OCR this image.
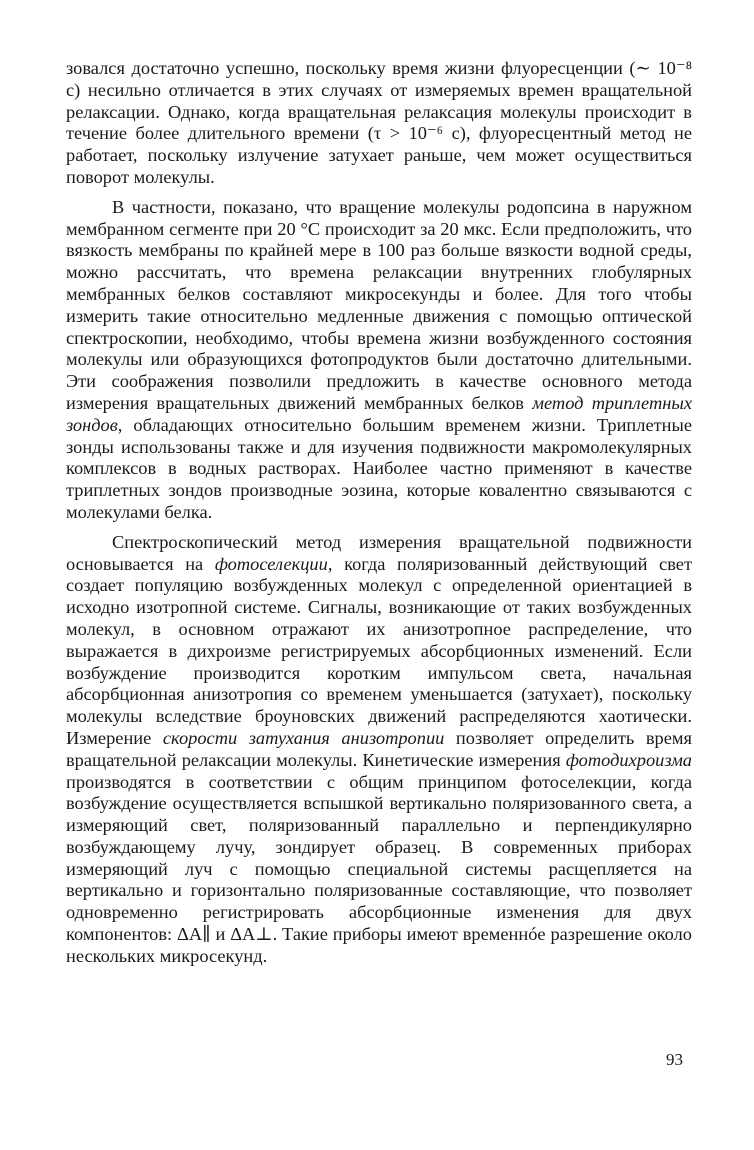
зовался достаточно успешно, поскольку время жизни флуоресценции (∼ 10⁻⁸ с) несильно отличается в этих случаях от измеряемых времен вращательной релаксации. Однако, когда вращательная релаксация молекулы происходит в течение более длительного времени (τ > 10⁻⁶ с), флуоресцентный метод не работает, поскольку излучение затухает раньше, чем может осуществиться поворот молекулы.

В частности, показано, что вращение молекулы родопсина в наружном мембранном сегменте при 20 °С происходит за 20 мкс. Если предположить, что вязкость мембраны по крайней мере в 100 раз больше вязкости водной среды, можно рассчитать, что времена релаксации внутренних глобулярных мембранных белков составляют микросекунды и более. Для того чтобы измерить такие относительно медленные движения с помощью оптической спектроскопии, необходимо, чтобы времена жизни возбужденного состояния молекулы или образующихся фотопродуктов были достаточно длительными. Эти соображения позволили предложить в качестве основного метода измерения вращательных движений мембранных белков метод триплетных зондов, обладающих относительно большим временем жизни. Триплетные зонды использованы также и для изучения подвижности макромолекулярных комплексов в водных растворах. Наиболее частно применяют в качестве триплетных зондов производные эозина, которые ковалентно связываются с молекулами белка.

Спектроскопический метод измерения вращательной подвижности основывается на фотоселекции, когда поляризованный действующий свет создает популяцию возбужденных молекул с определенной ориентацией в исходно изотропной системе. Сигналы, возникающие от таких возбужденных молекул, в основном отражают их анизотропное распределение, что выражается в дихроизме регистрируемых абсорбционных изменений. Если возбуждение производится коротким импульсом света, начальная абсорбционная анизотропия со временем уменьшается (затухает), поскольку молекулы вследствие броуновских движений распределяются хаотически. Измерение скорости затухания анизотропии позволяет определить время вращательной релаксации молекулы. Кинетические измерения фотодихроизма производятся в соответствии с общим принципом фотоселекции, когда возбуждение осуществляется вспышкой вертикально поляризованного света, а измеряющий свет, поляризованный параллельно и перпендикулярно возбуждающему лучу, зондирует образец. В современных приборах измеряющий луч с помощью специальной системы расщепляется на вертикально и горизонтально поляризованные составляющие, что позволяет одновременно регистрировать абсорбционные изменения для двух компонентов: ΔA∥ и ΔA⊥. Такие приборы имеют временнóе разрешение около нескольких микросекунд.

93
